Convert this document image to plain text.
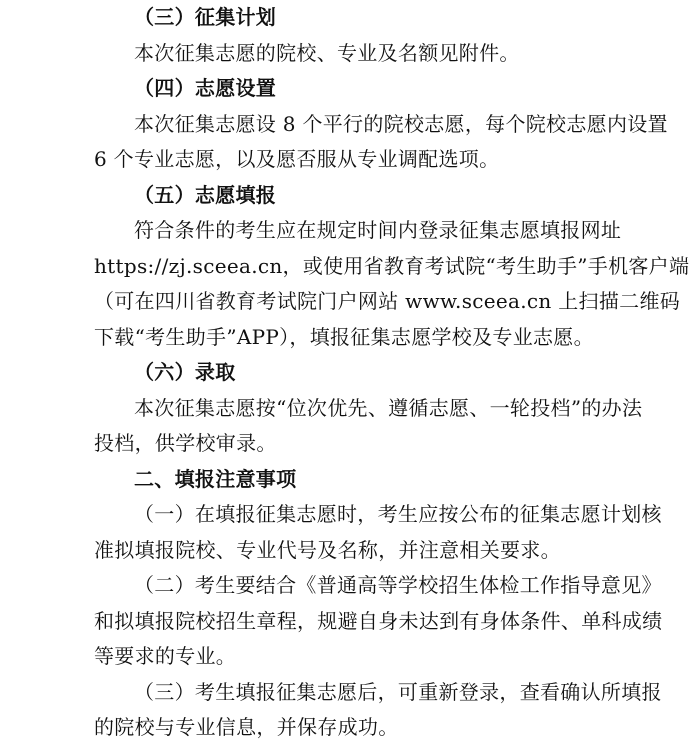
（三）征集计划
本次征集志愿的院校、专业及名额见附件。
（四）志愿设置
本次征集志愿设 8 个平行的院校志愿，每个院校志愿内设置
6 个专业志愿，以及愿否服从专业调配选项。
（五）志愿填报
符合条件的考生应在规定时间内登录征集志愿填报网址
https://zj.sceea.cn，或使用省教育考试院“考生助手”手机客户端
（可在四川省教育考试院门户网站 www.sceea.cn 上扫描二维码
下载“考生助手”APP），填报征集志愿学校及专业志愿。
（六）录取
本次征集志愿按“位次优先、遵循志愿、一轮投档”的办法
投档，供学校审录。
二、填报注意事项
（一）在填报征集志愿时，考生应按公布的征集志愿计划核
准拟填报院校、专业代号及名称，并注意相关要求。
（二）考生要结合《普通高等学校招生体检工作指导意见》
和拟填报院校招生章程，规避自身未达到有身体条件、单科成绩
等要求的专业。
（三）考生填报征集志愿后，可重新登录，查看确认所填报
的院校与专业信息，并保存成功。
